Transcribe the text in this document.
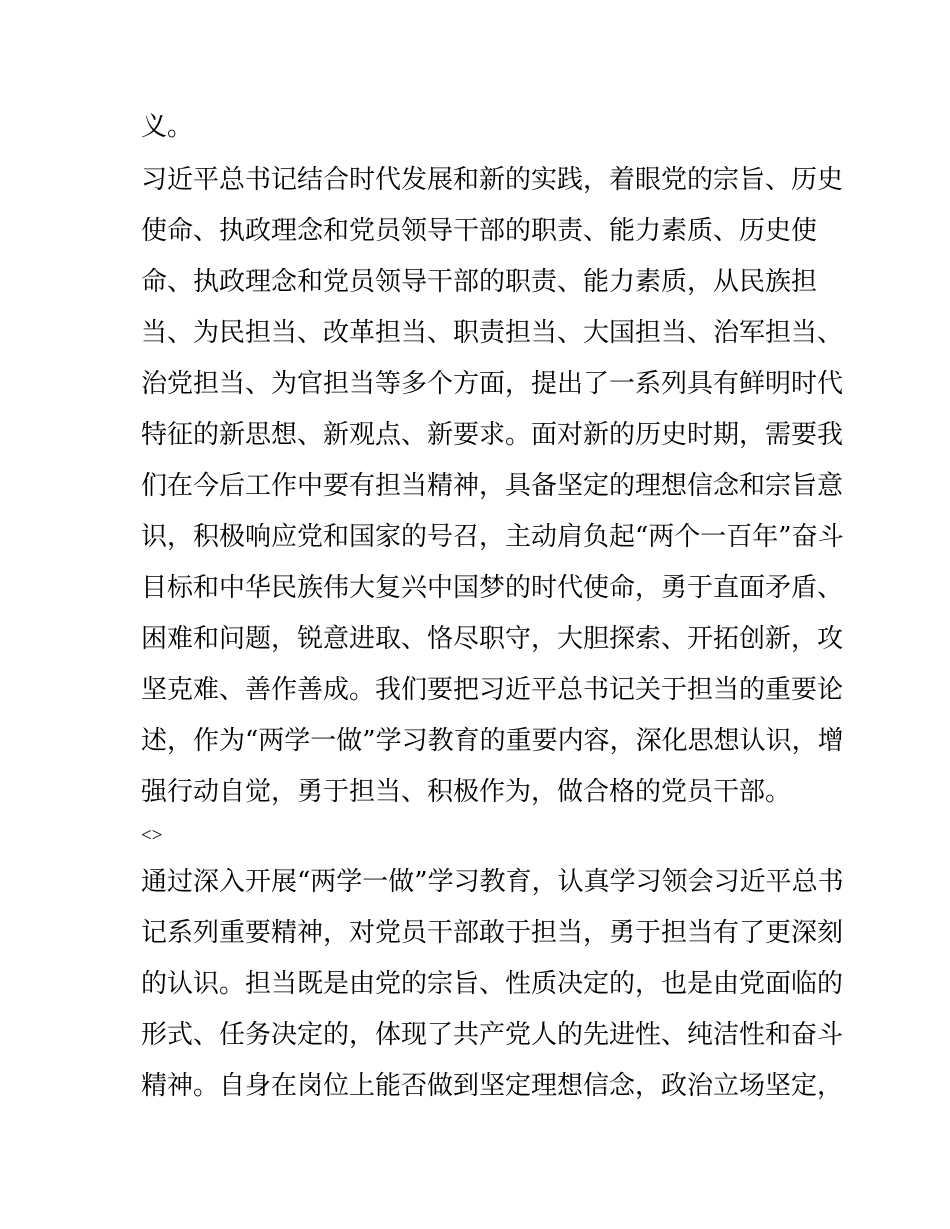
义。
习近平总书记结合时代发展和新的实践，着眼党的宗旨、历史
使命、执政理念和党员领导干部的职责、能力素质、历史使
命、执政理念和党员领导干部的职责、能力素质，从民族担
当、为民担当、改革担当、职责担当、大国担当、治军担当、
治党担当、为官担当等多个方面，提出了一系列具有鲜明时代
特征的新思想、新观点、新要求。面对新的历史时期，需要我
们在今后工作中要有担当精神，具备坚定的理想信念和宗旨意
识，积极响应党和国家的号召，主动肩负起“两个一百年”奋斗
目标和中华民族伟大复兴中国梦的时代使命，勇于直面矛盾、
困难和问题，锐意进取、恪尽职守，大胆探索、开拓创新，攻
坚克难、善作善成。我们要把习近平总书记关于担当的重要论
述，作为“两学一做”学习教育的重要内容，深化思想认识，增
强行动自觉，勇于担当、积极作为，做合格的党员干部。
<>
通过深入开展“两学一做”学习教育，认真学习领会习近平总书
记系列重要精神，对党员干部敢于担当，勇于担当有了更深刻
的认识。担当既是由党的宗旨、性质决定的，也是由党面临的
形式、任务决定的，体现了共产党人的先进性、纯洁性和奋斗
精神。自身在岗位上能否做到坚定理想信念，政治立场坚定，
